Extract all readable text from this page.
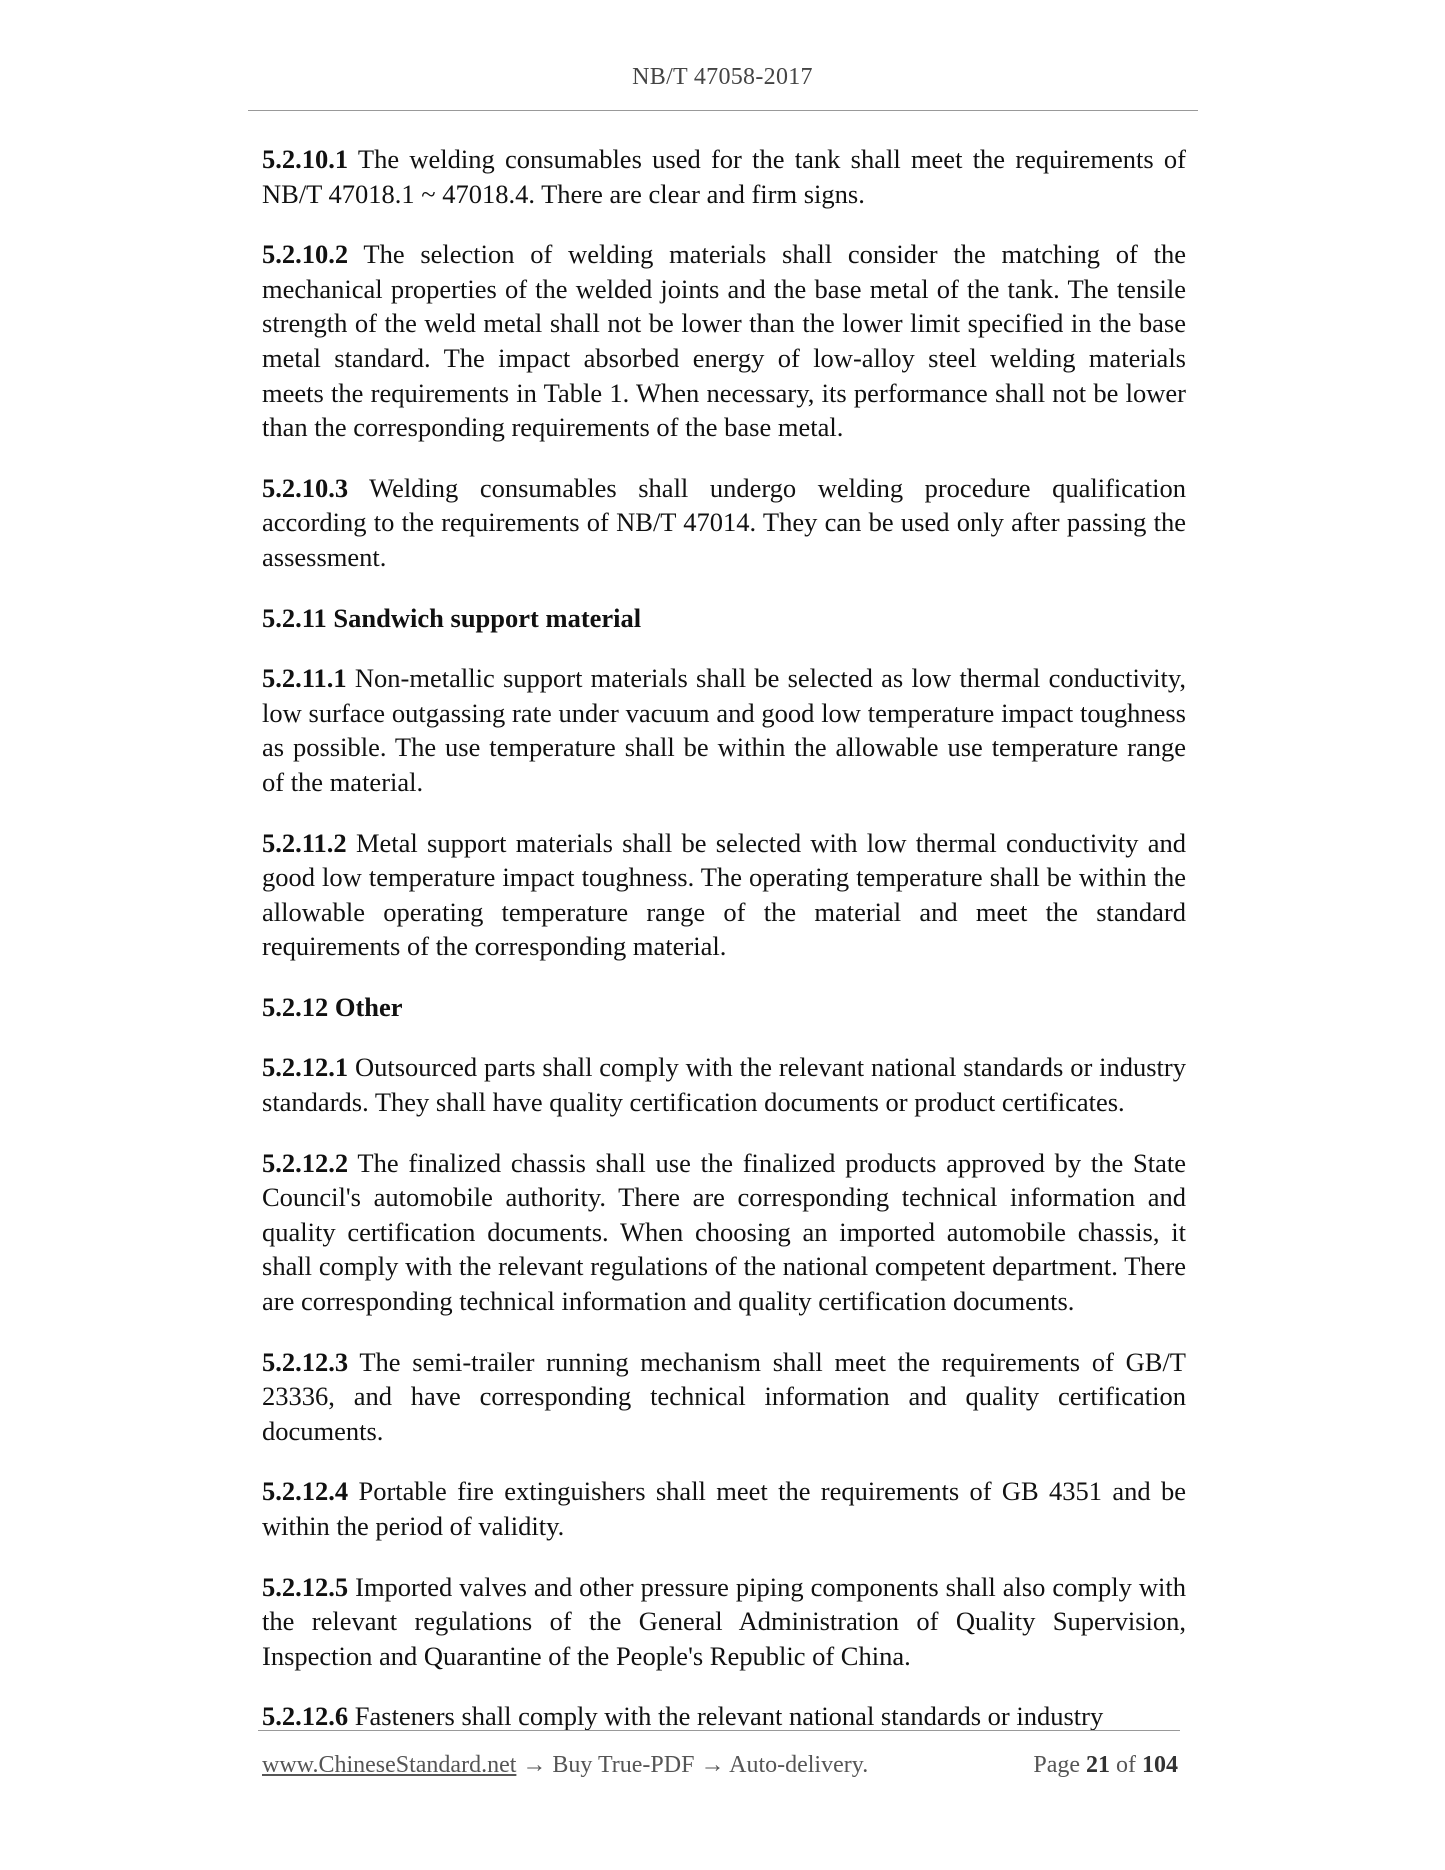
NB/T 47058-2017

5.2.10.1 The welding consumables used for the tank shall meet the requirements of NB/T 47018.1 ~ 47018.4. There are clear and firm signs.

5.2.10.2 The selection of welding materials shall consider the matching of the mechanical properties of the welded joints and the base metal of the tank. The tensile strength of the weld metal shall not be lower than the lower limit specified in the base metal standard. The impact absorbed energy of low-alloy steel welding materials meets the requirements in Table 1. When necessary, its performance shall not be lower than the corresponding requirements of the base metal.

5.2.10.3 Welding consumables shall undergo welding procedure qualification according to the requirements of NB/T 47014. They can be used only after passing the assessment.

5.2.11 Sandwich support material

5.2.11.1 Non-metallic support materials shall be selected as low thermal conductivity, low surface outgassing rate under vacuum and good low temperature impact toughness as possible. The use temperature shall be within the allowable use temperature range of the material.

5.2.11.2 Metal support materials shall be selected with low thermal conductivity and good low temperature impact toughness. The operating temperature shall be within the allowable operating temperature range of the material and meet the standard requirements of the corresponding material.

5.2.12 Other

5.2.12.1 Outsourced parts shall comply with the relevant national standards or industry standards. They shall have quality certification documents or product certificates.

5.2.12.2 The finalized chassis shall use the finalized products approved by the State Council's automobile authority. There are corresponding technical information and quality certification documents. When choosing an imported automobile chassis, it shall comply with the relevant regulations of the national competent department. There are corresponding technical information and quality certification documents.

5.2.12.3 The semi-trailer running mechanism shall meet the requirements of GB/T 23336, and have corresponding technical information and quality certification documents.

5.2.12.4 Portable fire extinguishers shall meet the requirements of GB 4351 and be within the period of validity.

5.2.12.5 Imported valves and other pressure piping components shall also comply with the relevant regulations of the General Administration of Quality Supervision, Inspection and Quarantine of the People's Republic of China.

5.2.12.6 Fasteners shall comply with the relevant national standards or industry

www.ChineseStandard.net → Buy True-PDF → Auto-delivery.	Page 21 of 104
